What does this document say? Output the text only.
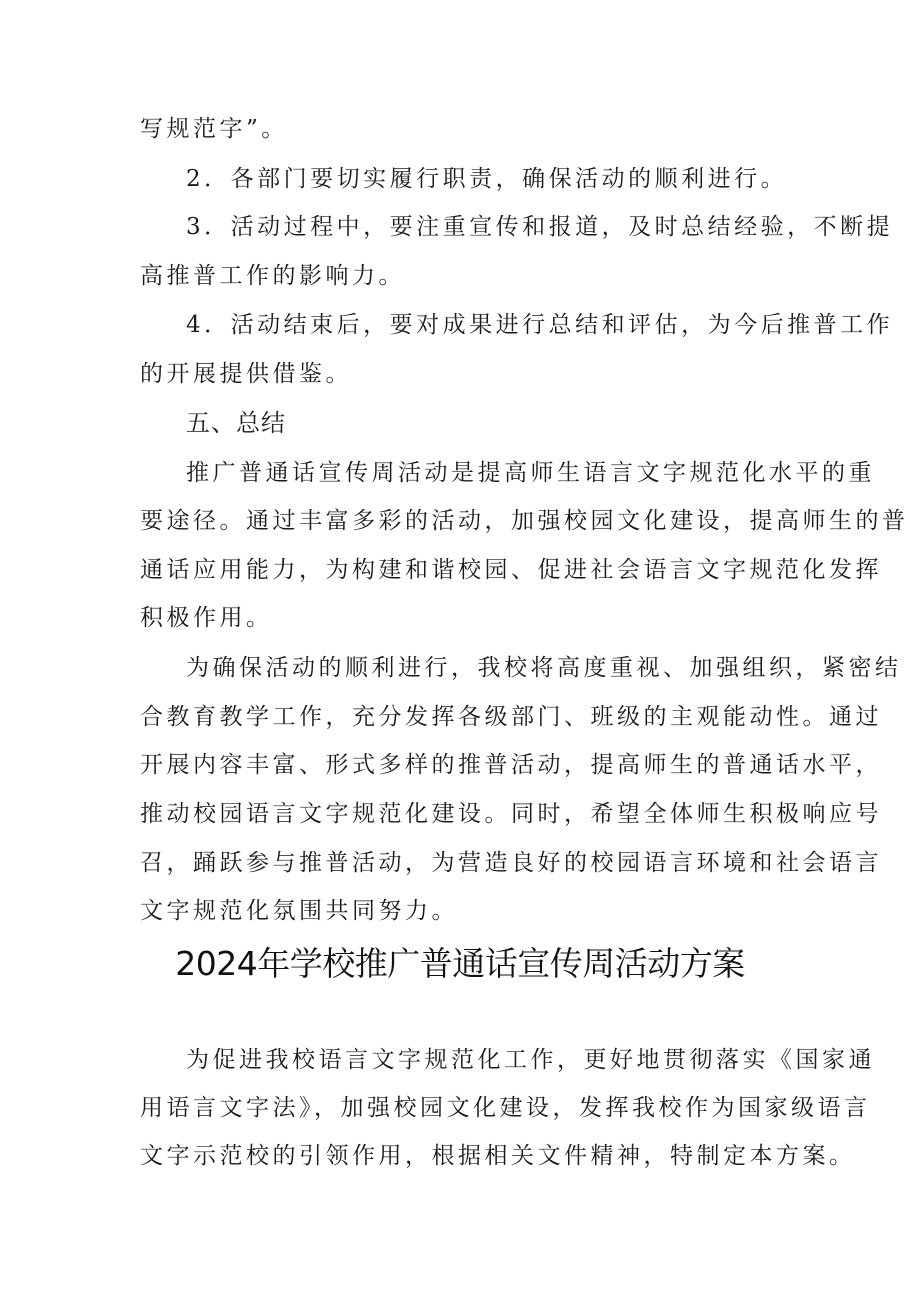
写规范字”。
2．各部门要切实履行职责，确保活动的顺利进行。
3．活动过程中，要注重宣传和报道，及时总结经验，不断提
高推普工作的影响力。
4．活动结束后，要对成果进行总结和评估，为今后推普工作
的开展提供借鉴。
五、总结
推广普通话宣传周活动是提高师生语言文字规范化水平的重
要途径。通过丰富多彩的活动，加强校园文化建设，提高师生的普
通话应用能力，为构建和谐校园、促进社会语言文字规范化发挥
积极作用。
为确保活动的顺利进行，我校将高度重视、加强组织，紧密结
合教育教学工作，充分发挥各级部门、班级的主观能动性。通过
开展内容丰富、形式多样的推普活动，提高师生的普通话水平，
推动校园语言文字规范化建设。同时，希望全体师生积极响应号
召，踊跃参与推普活动，为营造良好的校园语言环境和社会语言
文字规范化氛围共同努力。
2024年学校推广普通话宣传周活动方案
为促进我校语言文字规范化工作，更好地贯彻落实《国家通
用语言文字法》，加强校园文化建设，发挥我校作为国家级语言
文字示范校的引领作用，根据相关文件精神，特制定本方案。
